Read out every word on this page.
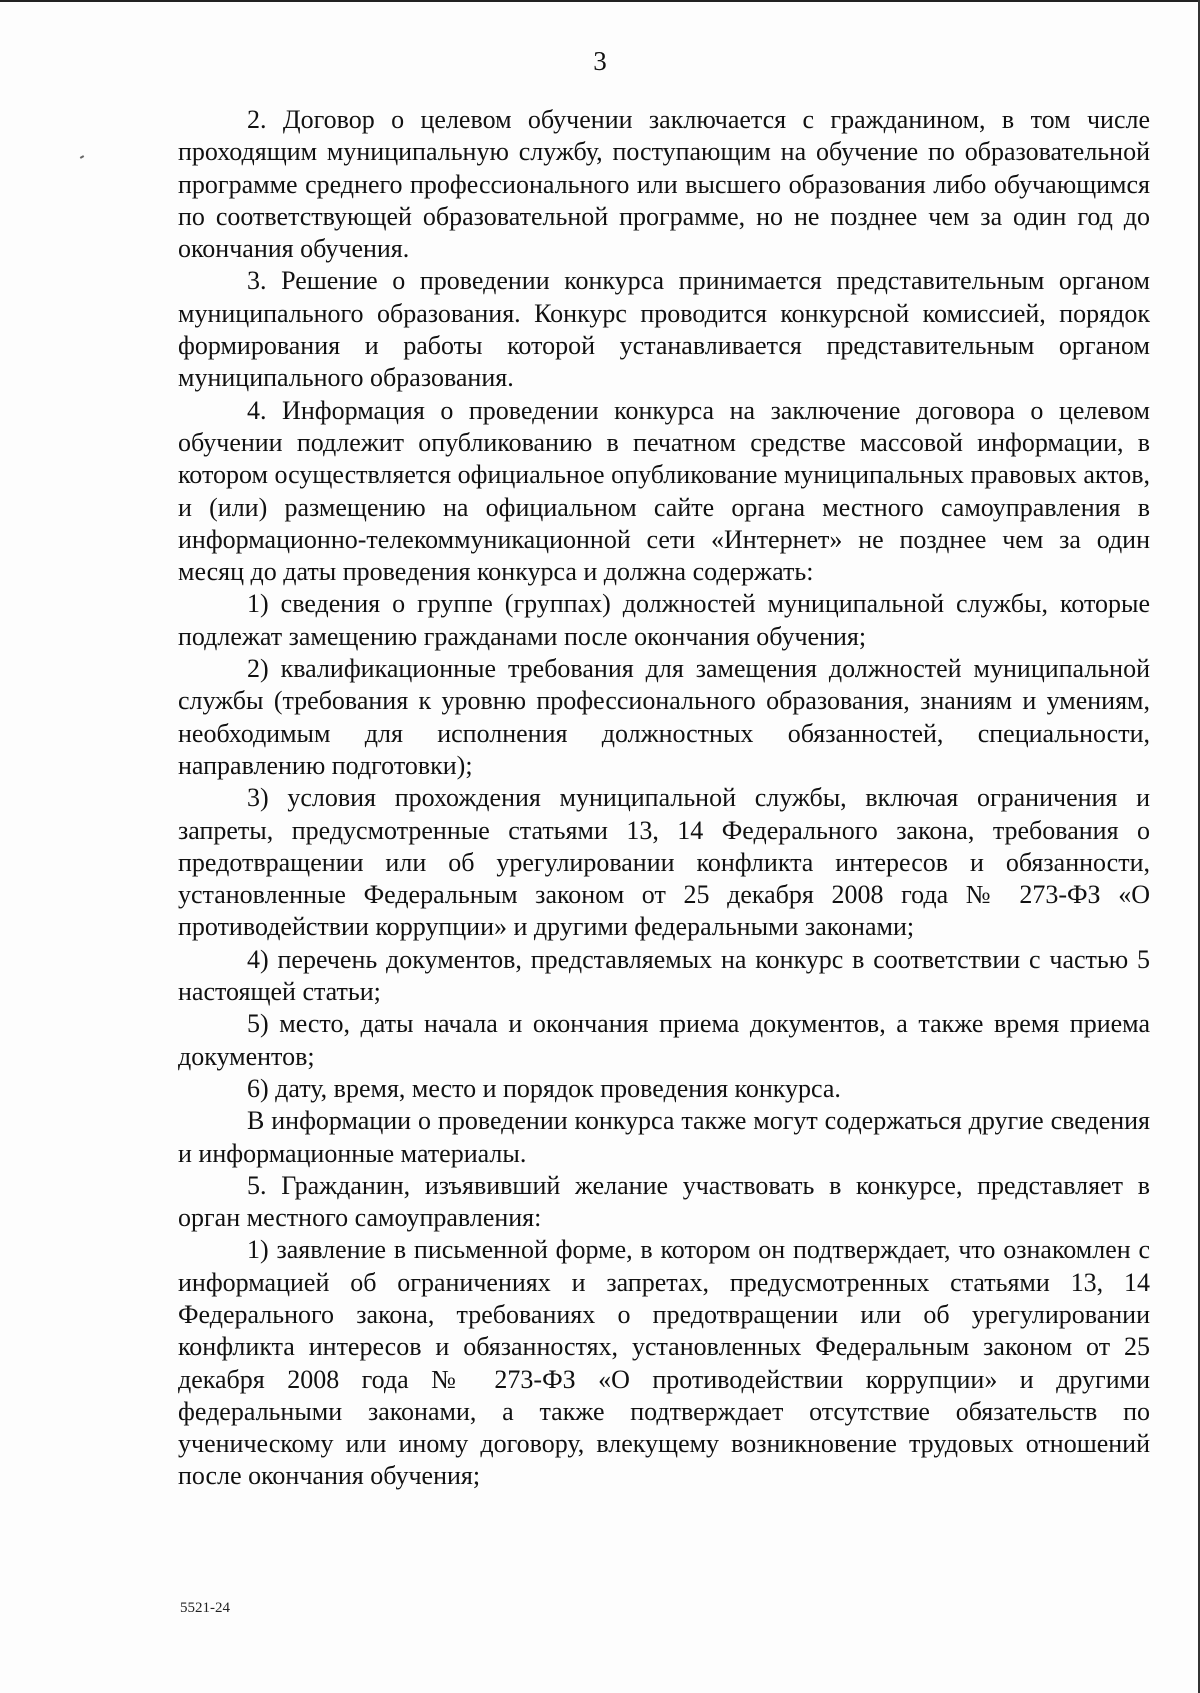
3

2. Договор о целевом обучении заключается с гражданином, в том числе проходящим муниципальную службу, поступающим на обучение по образовательной программе среднего профессионального или высшего образования либо обучающимся по соответствующей образовательной программе, но не позднее чем за один год до окончания обучения.

3. Решение о проведении конкурса принимается представительным органом муниципального образования. Конкурс проводится конкурсной комиссией, порядок формирования и работы которой устанавливается представительным органом муниципального образования.

4. Информация о проведении конкурса на заключение договора о целевом обучении подлежит опубликованию в печатном средстве массовой информации, в котором осуществляется официальное опубликование муниципальных правовых актов, и (или) размещению на официальном сайте органа местного самоуправления в информационно-телекоммуникационной сети «Интернет» не позднее чем за один месяц до даты проведения конкурса и должна содержать:

1) сведения о группе (группах) должностей муниципальной службы, которые подлежат замещению гражданами после окончания обучения;

2) квалификационные требования для замещения должностей муниципальной службы (требования к уровню профессионального образования, знаниям и умениям, необходимым для исполнения должностных обязанностей, специальности, направлению подготовки);

3) условия прохождения муниципальной службы, включая ограничения и запреты, предусмотренные статьями 13, 14 Федерального закона, требования о предотвращении или об урегулировании конфликта интересов и обязанности, установленные Федеральным законом от 25 декабря 2008 года № 273-ФЗ «О противодействии коррупции» и другими федеральными законами;

4) перечень документов, представляемых на конкурс в соответствии с частью 5 настоящей статьи;

5) место, даты начала и окончания приема документов, а также время приема документов;

6) дату, время, место и порядок проведения конкурса.

В информации о проведении конкурса также могут содержаться другие сведения и информационные материалы.

5. Гражданин, изъявивший желание участвовать в конкурсе, представляет в орган местного самоуправления:

1) заявление в письменной форме, в котором он подтверждает, что ознакомлен с информацией об ограничениях и запретах, предусмотренных статьями 13, 14 Федерального закона, требованиях о предотвращении или об урегулировании конфликта интересов и обязанностях, установленных Федеральным законом от 25 декабря 2008 года № 273-ФЗ «О противодействии коррупции» и другими федеральными законами, а также подтверждает отсутствие обязательств по ученическому или иному договору, влекущему возникновение трудовых отношений после окончания обучения;

5521-24
